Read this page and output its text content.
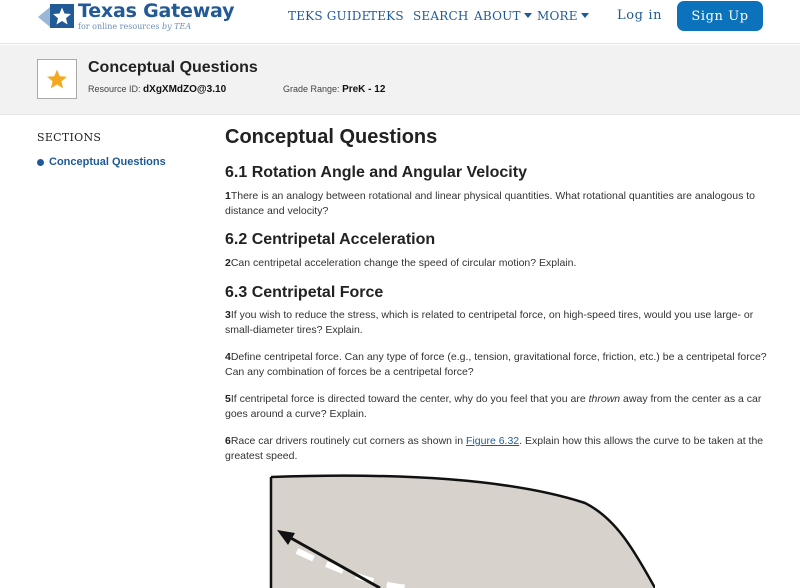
Texas Gateway
for online resources by TEA
TEKS GUIDE
TEKS SEARCH ABOUT	MORE	Log in	Sign Up
Conceptual Questions
Resource ID: dXgXMdZO@3.10	Grade Range: PreK - 12
SECTIONS
Conceptual Questions
Conceptual Questions
6.1 Rotation Angle and Angular Velocity
1There is an analogy between rotational and linear physical quantities. What rotational quantities are analogous to distance and velocity?
6.2 Centripetal Acceleration
2Can centripetal acceleration change the speed of circular motion? Explain.
6.3 Centripetal Force
3If you wish to reduce the stress, which is related to centripetal force, on high-speed tires, would you use large- or small-diameter tires? Explain.
4Define centripetal force. Can any type of force (e.g., tension, gravitational force, friction, etc.) be a centripetal force? Can any combination of forces be a centripetal force?
5If centripetal force is directed toward the center, why do you feel that you are thrown away from the center as a car goes around a curve? Explain.
6Race car drivers routinely cut corners as shown in Figure 6.32. Explain how this allows the curve to be taken at the greatest speed.
